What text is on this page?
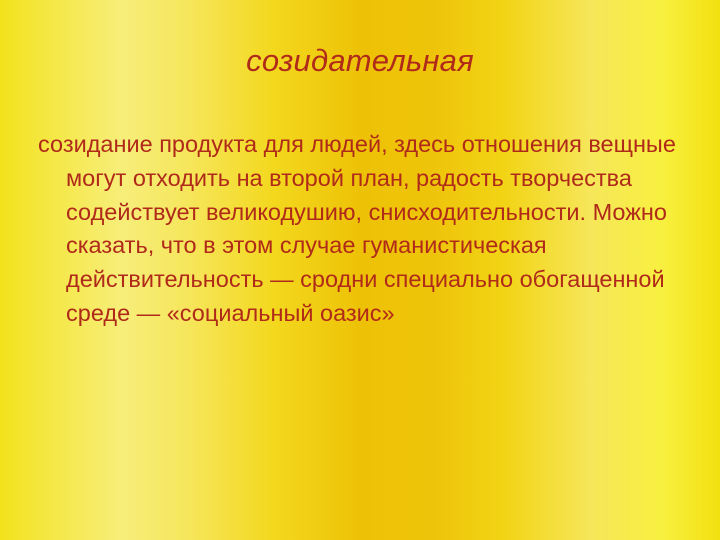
созидательная
созидание продукта для людей, здесь отношения вещные могут отходить на второй план, радость творчества содействует великодушию, снисходительности. Можно сказать, что в этом случае гуманистическая действительность — сродни специально обогащенной среде — «социальный оазис»
